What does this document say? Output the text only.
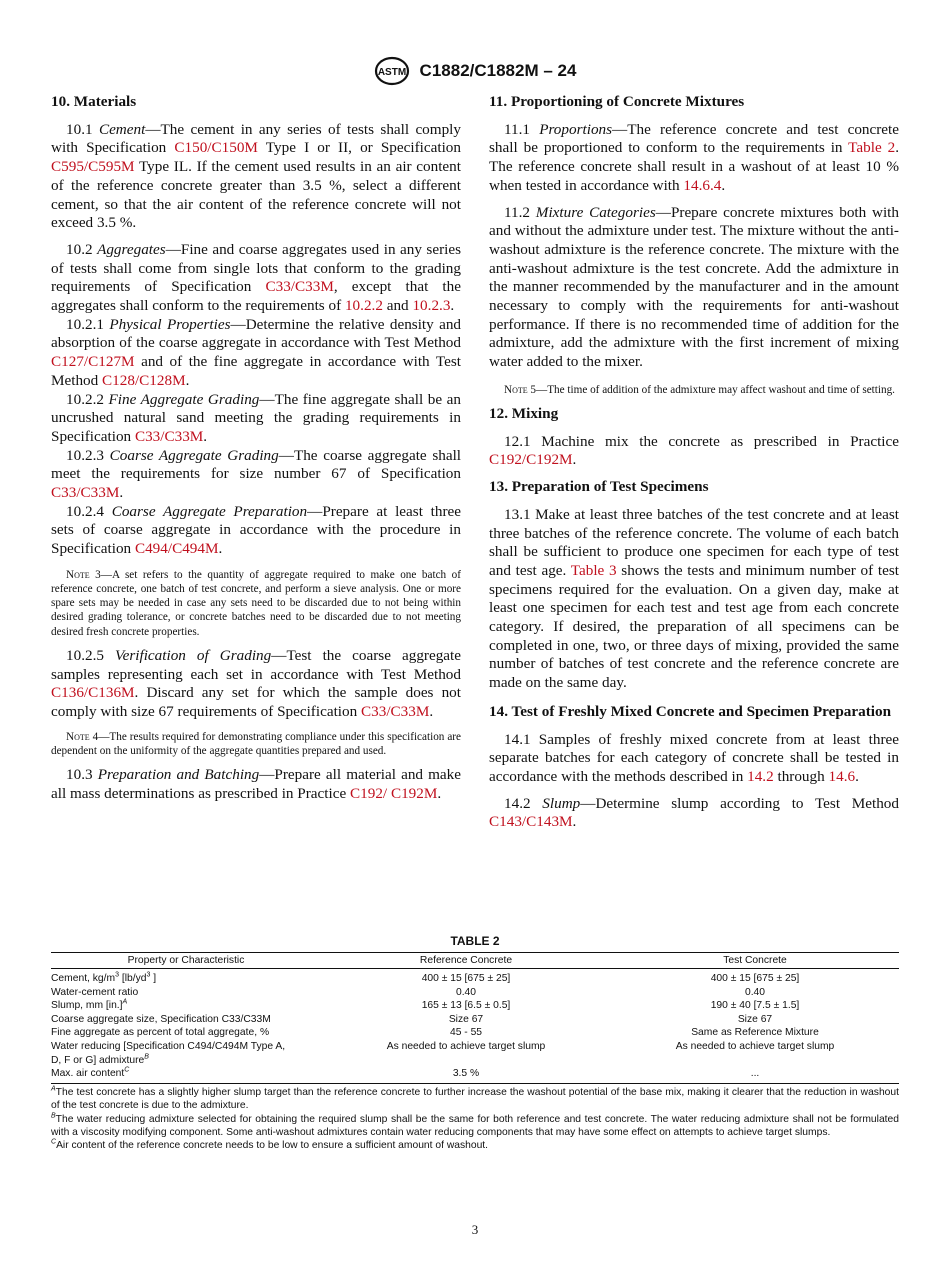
ASTM C1882/C1882M – 24
10. Materials

10.1 Cement—The cement in any series of tests shall comply with Specification C150/C150M Type I or II, or Specification C595/C595M Type IL. If the cement used results in an air content of the reference concrete greater than 3.5 %, select a different cement, so that the air content of the reference concrete will not exceed 3.5 %.

10.2 Aggregates—Fine and coarse aggregates used in any series of tests shall come from single lots that conform to the grading requirements of Specification C33/C33M, except that the aggregates shall conform to the requirements of 10.2.2 and 10.2.3.

10.2.1 Physical Properties—Determine the relative density and absorption of the coarse aggregate in accordance with Test Method C127/C127M and of the fine aggregate in accordance with Test Method C128/C128M.

10.2.2 Fine Aggregate Grading—The fine aggregate shall be an uncrushed natural sand meeting the grading requirements in Specification C33/C33M.

10.2.3 Coarse Aggregate Grading—The coarse aggregate shall meet the requirements for size number 67 of Specification C33/C33M.

10.2.4 Coarse Aggregate Preparation—Prepare at least three sets of coarse aggregate in accordance with the procedure in Specification C494/C494M.

Note 3—A set refers to the quantity of aggregate required to make one batch of reference concrete, one batch of test concrete, and perform a sieve analysis. One or more spare sets may be needed in case any sets need to be discarded due to not being within desired grading tolerance, or concrete batches need to be discarded due to not meeting desired fresh concrete properties.

10.2.5 Verification of Grading—Test the coarse aggregate samples representing each set in accordance with Test Method C136/C136M. Discard any set for which the sample does not comply with size 67 requirements of Specification C33/C33M.

Note 4—The results required for demonstrating compliance under this specification are dependent on the uniformity of the aggregate quantities prepared and used.

10.3 Preparation and Batching—Prepare all material and make all mass determinations as prescribed in Practice C192/ C192M.

11. Proportioning of Concrete Mixtures

11.1 Proportions—The reference concrete and test concrete shall be proportioned to conform to the requirements in Table 2. The reference concrete shall result in a washout of at least 10 % when tested in accordance with 14.6.4.

11.2 Mixture Categories—Prepare concrete mixtures both with and without the admixture under test. The mixture without the anti-washout admixture is the reference concrete. The mixture with the anti-washout admixture is the test concrete. Add the admixture in the manner recommended by the manufacturer and in the amount necessary to comply with the requirements for anti-washout performance. If there is no recommended time of addition for the admixture, add the admixture with the first increment of mixing water added to the mixer.

Note 5—The time of addition of the admixture may affect washout and time of setting.
12. Mixing

12.1 Machine mix the concrete as prescribed in Practice C192/C192M.

13. Preparation of Test Specimens

13.1 Make at least three batches of the test concrete and at least three batches of the reference concrete. The volume of each batch shall be sufficient to produce one specimen for each type of test and test age. Table 3 shows the tests and minimum number of test specimens required for the evaluation. On a given day, make at least one specimen for each test and test age from each concrete category. If desired, the preparation of all specimens can be completed in one, two, or three days of mixing, provided the same number of batches of test concrete and the reference concrete are made on the same day.

14. Test of Freshly Mixed Concrete and Specimen Preparation

14.1 Samples of freshly mixed concrete from at least three separate batches for each category of concrete shall be tested in accordance with the methods described in 14.2 through 14.6.

14.2 Slump—Determine slump according to Test Method C143/C143M.

TABLE 2
Property or Characteristic	Reference Concrete	Test Concrete
Cement, $kg/m^3$ [$lb/yd^3$ ]	400 ± 15 [675 ± 25]	400 ± 15 [675 ± 25]
Water-cement ratio	0.40	0.40
Slump, mm $[in.]^A$	165 ± 13 [6.5 ± 0.5]	190 ± 40 [7.5 ± 1.5]
Coarse aggregate size, Specification C33/C33M	Size 67	Size 67
Fine aggregate as percent of total aggregate, %	45 - 55	Same as Reference Mixture
Water reducing [Specification C494/C494M Type A,
D, F or G] admixture$^B$	As needed to achieve target slump	As needed to achieve target slump
Max. air content$^C$	3.5 %	...
$^A$The test concrete has a slightly higher slump target than the reference concrete to further increase the washout potential of the base mix, making it clearer that the reduction in washout of the test concrete is due to the admixture.
$^B$The water reducing admixture selected for obtaining the required slump shall be the same for both reference and test concrete. The water reducing admixture shall not be formulated with a viscosity modifying component. Some anti-washout admixtures contain water reducing components that may have some effect on attempts to achieve target slumps.
$^C$Air content of the reference concrete needs to be low to ensure a sufficient amount of washout.
3
